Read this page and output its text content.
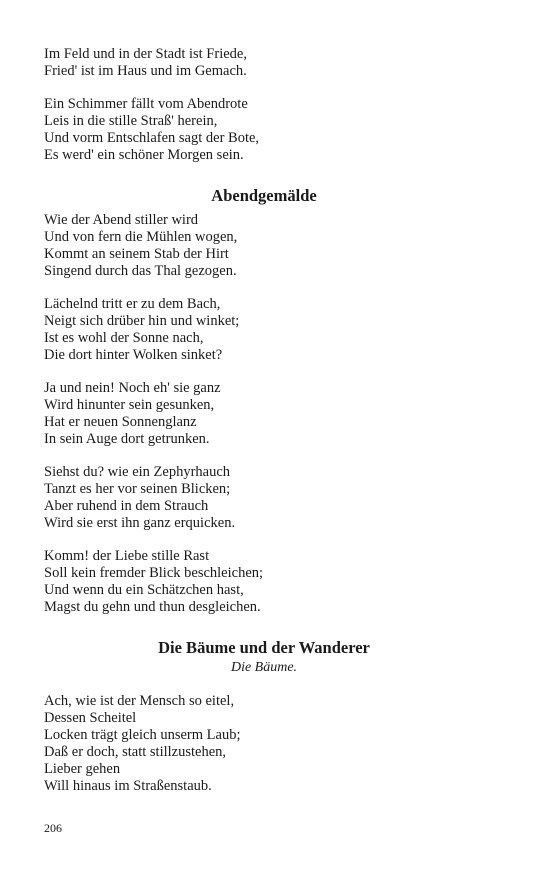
Im Feld und in der Stadt ist Friede,
Fried' ist im Haus und im Gemach.
Ein Schimmer fällt vom Abendrote
Leis in die stille Straß' herein,
Und vorm Entschlafen sagt der Bote,
Es werd' ein schöner Morgen sein.
Abendgemälde
Wie der Abend stiller wird
Und von fern die Mühlen wogen,
Kommt an seinem Stab der Hirt
Singend durch das Thal gezogen.
Lächelnd tritt er zu dem Bach,
Neigt sich drüber hin und winket;
Ist es wohl der Sonne nach,
Die dort hinter Wolken sinket?
Ja und nein! Noch eh' sie ganz
Wird hinunter sein gesunken,
Hat er neuen Sonnenglanz
In sein Auge dort getrunken.
Siehst du? wie ein Zephyrhauch
Tanzt es her vor seinen Blicken;
Aber ruhend in dem Strauch
Wird sie erst ihn ganz erquicken.
Komm! der Liebe stille Rast
Soll kein fremder Blick beschleichen;
Und wenn du ein Schätzchen hast,
Magst du gehn und thun desgleichen.
Die Bäume und der Wanderer

Die Bäume.

Ach, wie ist der Mensch so eitel,
Dessen Scheitel
Locken trägt gleich unserm Laub;
Daß er doch, statt stillzustehen,
Lieber gehen
Will hinaus im Straßenstaub.
206
